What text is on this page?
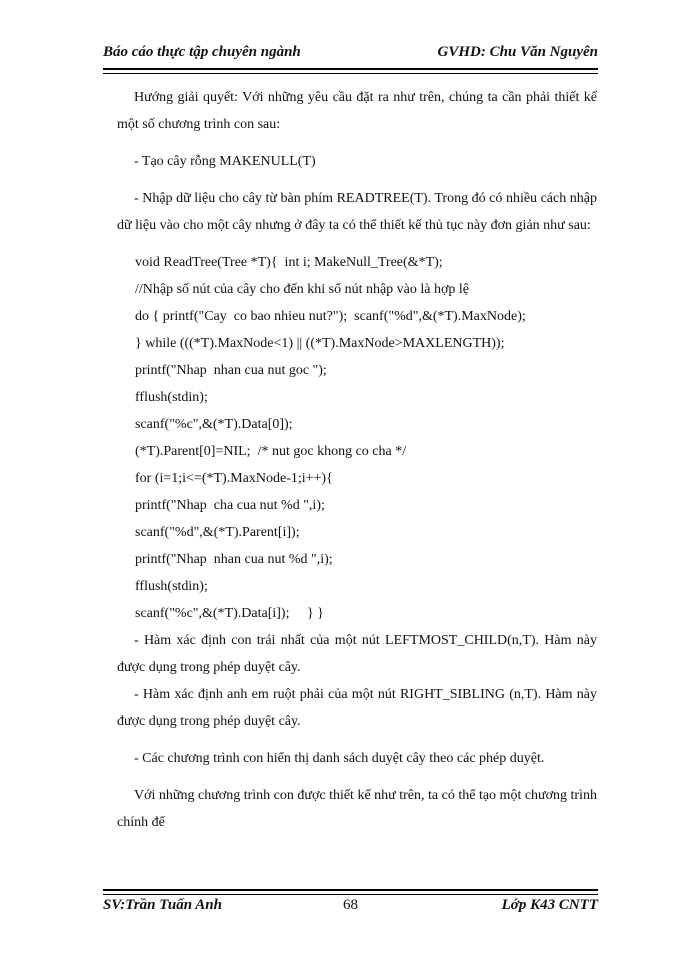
Báo cáo thực tập chuyên ngành	GVHD: Chu Văn Nguyên

Hướng giải quyết: Với những yêu cầu đặt ra như trên, chúng ta cần phải thiết kế một số chương trình con sau:

- Tạo cây rỗng MAKENULL(T)

- Nhập dữ liệu cho cây từ bàn phím READTREE(T). Trong đó có nhiều cách nhập dữ liệu vào cho một cây nhưng ở đây ta có thể thiết kế thủ tục này đơn giản như sau:

void ReadTree(Tree *T){  int i; MakeNull_Tree(&*T);

//Nhập số nút của cây cho đến khi số nút nhập vào là hợp lệ

do { printf("Cay  co bao nhieu nut?");  scanf("%d",&(*T).MaxNode);

} while (((*T).MaxNode<1) || ((*T).MaxNode>MAXLENGTH));

printf("Nhap  nhan cua nut goc ");

fflush(stdin);

scanf("%c",&(*T).Data[0]);

(*T).Parent[0]=NIL;  /* nut goc khong co cha */

for (i=1;i<=(*T).MaxNode-1;i++){

printf("Nhap  cha cua nut %d ",i);

scanf("%d",&(*T).Parent[i]);

printf("Nhap  nhan cua nut %d ",i);

fflush(stdin);

scanf("%c",&(*T).Data[i]);     } }

- Hàm xác định con trái nhất của một nút LEFTMOST_CHILD(n,T). Hàm này được dụng trong phép duyệt cây.

- Hàm xác định anh em ruột phải của một nút RIGHT_SIBLING (n,T). Hàm này được dụng trong phép duyệt cây.

- Các chương trình con hiển thị danh sách duyệt cây theo các phép duyệt.

Với những chương trình con được thiết kế như trên, ta có thể tạo một chương trình chính để

SV:Trần Tuấn Anh	68	Lớp K43 CNTT
